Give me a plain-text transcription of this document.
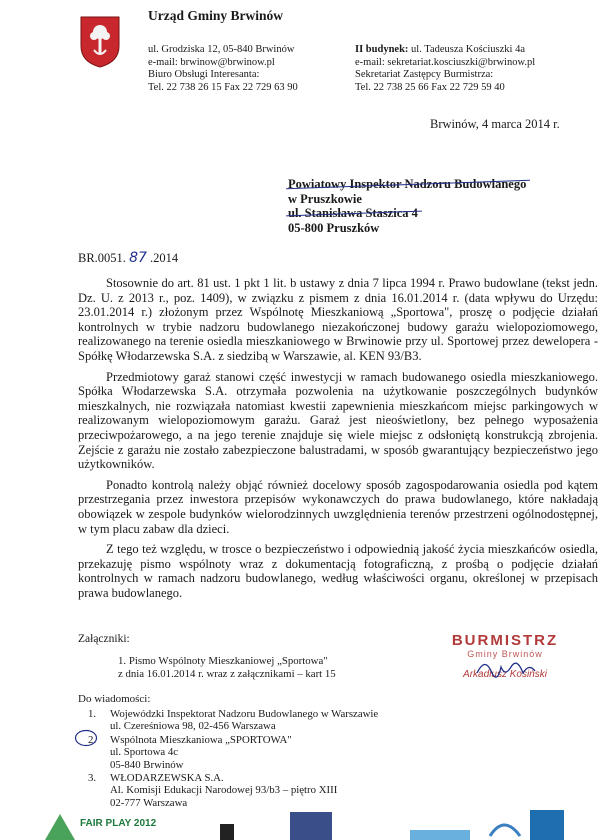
Urząd Gminy Brwinów
ul. Grodziska 12, 05-840 Brwinów
e-mail: brwinow@brwinow.pl
Biuro Obsługi Interesanta:
Tel. 22 738 26 15 Fax 22 729 63 90
II budynek: ul. Tadeusza Kościuszki 4a
e-mail: sekretariat.kosciuszki@brwinow.pl
Sekretariat Zastępcy Burmistrza:
Tel. 22 738 25 66 Fax 22 729 59 40
Brwinów, 4 marca 2014 r.
Powiatowy Inspektor Nadzoru Budowlanego
w Pruszkowie
ul. Stanisława Staszica 4
05-800 Pruszków
BR.0051. 87 .2014

Stosownie do art. 81 ust. 1 pkt 1 lit. b ustawy z dnia 7 lipca 1994 r. Prawo budowlane (tekst jedn. Dz. U. z 2013 r., poz. 1409), w związku z pismem z dnia 16.01.2014 r. (data wpływu do Urzędu: 23.01.2014 r.) złożonym przez Wspólnotę Mieszkaniową „Sportowa", proszę o podjęcie działań kontrolnych w trybie nadzoru budowlanego niezakończonej budowy garażu wielopoziomowego, realizowanego na terenie osiedla mieszkaniowego w Brwinowie przy ul. Sportowej przez dewelopera - Spółkę Włodarzewska S.A. z siedzibą w Warszawie, al. KEN 93/B3.

Przedmiotowy garaż stanowi część inwestycji w ramach budowanego osiedla mieszkaniowego. Spółka Włodarzewska S.A. otrzymała pozwolenia na użytkowanie poszczególnych budynków mieszkalnych, nie rozwiązała natomiast kwestii zapewnienia mieszkańcom miejsc parkingowych w realizowanym wielopoziomowym garażu. Garaż jest nieoświetlony, bez pełnego wyposażenia przeciwpożarowego, a na jego terenie znajduje się wiele miejsc z odsłoniętą konstrukcją zbrojenia. Zejście z garażu nie zostało zabezpieczone balustradami, w sposób gwarantujący bezpieczeństwo jego użytkowników.

Ponadto kontrolą należy objąć również docelowy sposób zagospodarowania osiedla pod kątem przestrzegania przez inwestora przepisów wykonawczych do prawa budowlanego, które nakładają obowiązek w zespole budynków wielorodzinnych uwzględnienia terenów przestrzeni ogólnodostępnej, w tym placu zabaw dla dzieci.

Z tego też względu, w trosce o bezpieczeństwo i odpowiednią jakość życia mieszkańców osiedla, przekazuję pismo wspólnoty wraz z dokumentacją fotograficzną, z prośbą o podjęcie działań kontrolnych w ramach nadzoru budowlanego, według właściwości organu, określonej w przepisach prawa budowlanego.

Załączniki:
1. Pismo Wspólnoty Mieszkaniowej „Sportowa"
z dnia 16.01.2014 r. wraz z załącznikami – kart 15
BURMISTRZ
Gminy Brwinów
Arkadiusz Kosiński
Do wiadomości:
1.	Wojewódzki Inspektorat Nadzoru Budowlanego w Warszawie
ul. Czereśniowa 98, 02-456 Warszawa
2.	Wspólnota Mieszkaniowa „SPORTOWA"
ul. Sportowa 4c
05-840 Brwinów
3.	WŁODARZEWSKA S.A.
Al. Komisji Edukacji Narodowej 93/b3 – piętro XIII
02-777 Warszawa
FAIR PLAY 2012
